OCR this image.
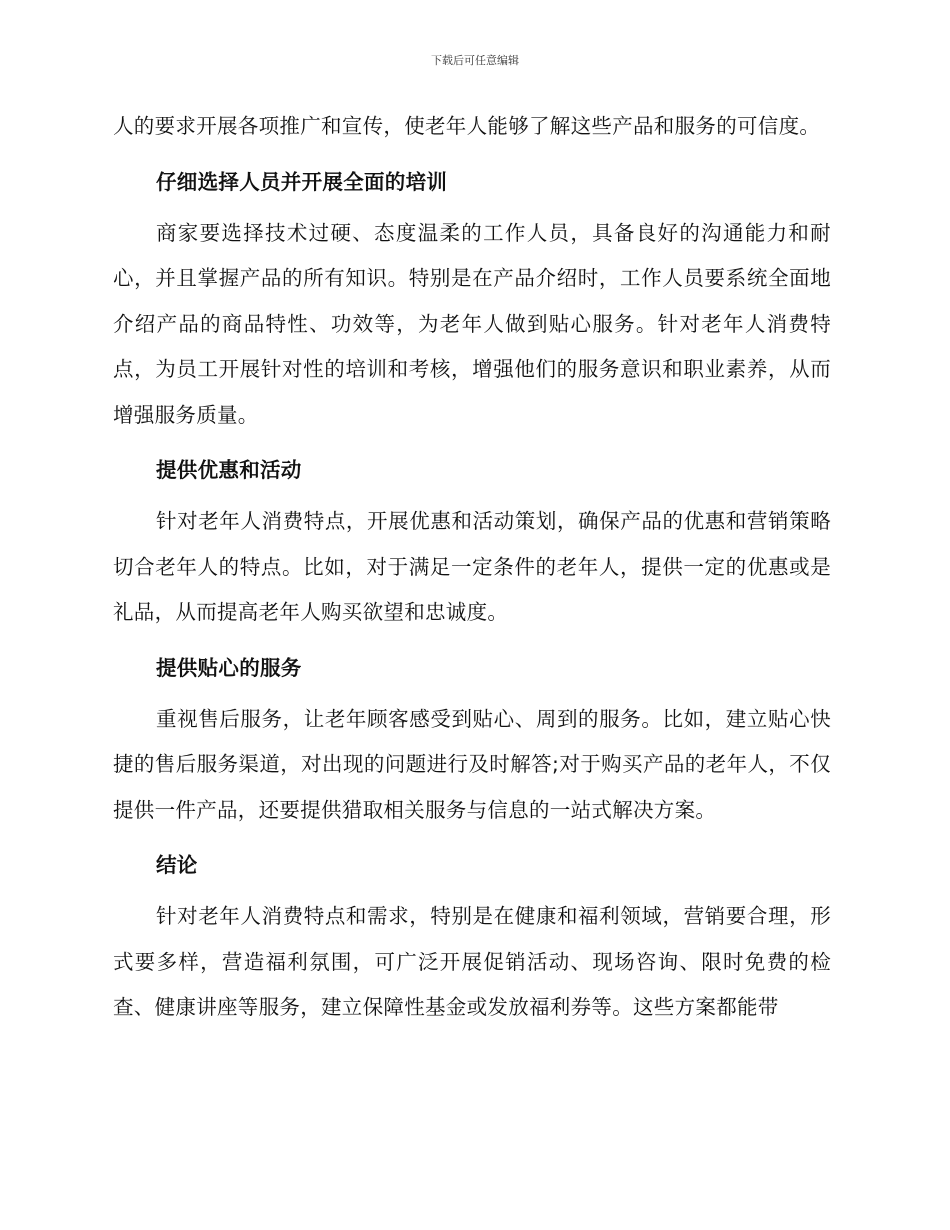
下载后可任意编辑

人的要求开展各项推广和宣传，使老年人能够了解这些产品和服务的可信度。

仔细选择人员并开展全面的培训

商家要选择技术过硬、态度温柔的工作人员，具备良好的沟通能力和耐心，并且掌握产品的所有知识。特别是在产品介绍时，工作人员要系统全面地介绍产品的商品特性、功效等，为老年人做到贴心服务。针对老年人消费特点，为员工开展针对性的培训和考核，增强他们的服务意识和职业素养，从而增强服务质量。

提供优惠和活动

针对老年人消费特点，开展优惠和活动策划，确保产品的优惠和营销策略切合老年人的特点。比如，对于满足一定条件的老年人，提供一定的优惠或是礼品，从而提高老年人购买欲望和忠诚度。

提供贴心的服务

重视售后服务，让老年顾客感受到贴心、周到的服务。比如，建立贴心快捷的售后服务渠道，对出现的问题进行及时解答;对于购买产品的老年人，不仅提供一件产品，还要提供猎取相关服务与信息的一站式解决方案。

结论

针对老年人消费特点和需求，特别是在健康和福利领域，营销要合理，形式要多样，营造福利氛围，可广泛开展促销活动、现场咨询、限时免费的检查、健康讲座等服务，建立保障性基金或发放福利券等。这些方案都能带
